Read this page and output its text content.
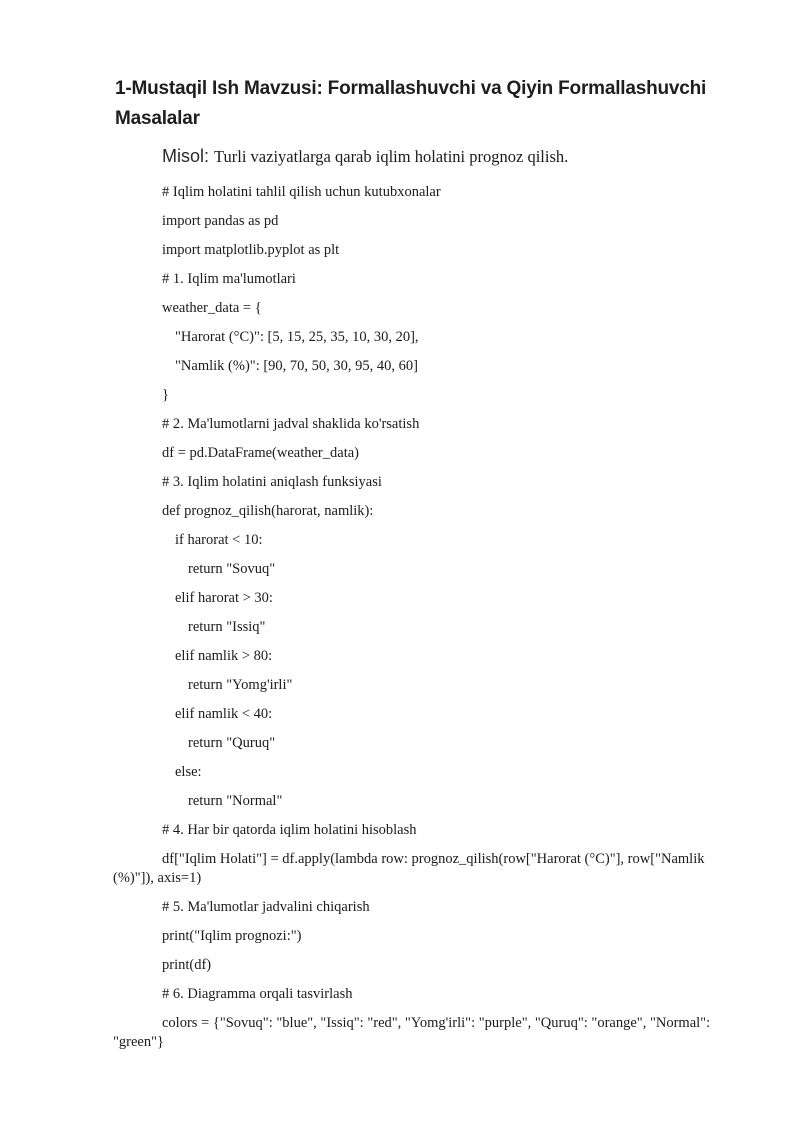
1-Mustaqil Ish Mavzusi: Formallashuvchi va Qiyin Formallashuvchi
Masalalar
Misol: Turli vaziyatlarga qarab iqlim holatini prognoz qilish.

# Iqlim holatini tahlil qilish uchun kutubxonalar

import pandas as pd

import matplotlib.pyplot as plt

# 1. Iqlim ma'lumotlari

weather_data = {

"Harorat (°C)": [5, 15, 25, 35, 10, 30, 20],

"Namlik (%)": [90, 70, 50, 30, 95, 40, 60]

}

# 2. Ma'lumotlarni jadval shaklida ko'rsatish

df = pd.DataFrame(weather_data)

# 3. Iqlim holatini aniqlash funksiyasi

def prognoz_qilish(harorat, namlik):

if harorat < 10:

return "Sovuq"

elif harorat > 30:

return "Issiq"

elif namlik > 80:

return "Yomg'irli"

elif namlik < 40:

return "Quruq"

else:

return "Normal"

# 4. Har bir qatorda iqlim holatini hisoblash

df["Iqlim Holati"] = df.apply(lambda row: prognoz_qilish(row["Harorat (°C)"], row["Namlik

(%)"]), axis=1)

# 5. Ma'lumotlar jadvalini chiqarish

print("Iqlim prognozi:")

print(df)

# 6. Diagramma orqali tasvirlash

colors = {"Sovuq": "blue", "Issiq": "red", "Yomg'irli": "purple", "Quruq": "orange", "Normal":

"green"}
